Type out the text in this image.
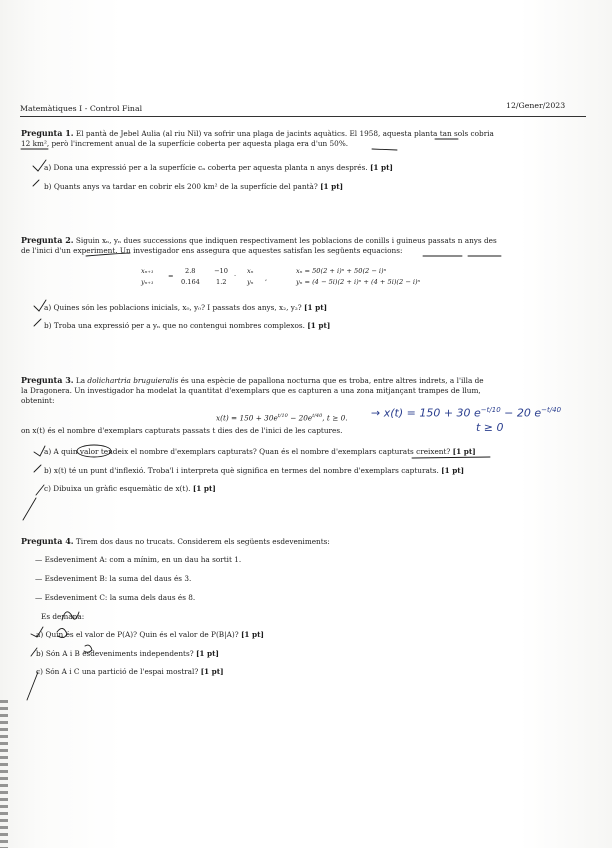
Matemàtiques I - Control Final	12/Gener/2023
Pregunta 1. El pantà de Jebel Aulia (al riu Nil) va sofrir una plaga de jacints aquàtics. El 1958, aquesta planta tan sols cobria
12 km², però l'increment anual de la superfície coberta per aquesta plaga era d'un 50%.
a) Dona una expressió per a la superfície cₙ coberta per aquesta planta n anys després. [1 pt]
b) Quants anys va tardar en cobrir els 200 km² de la superfície del pantà? [1 pt]
Pregunta 2. Siguin xₙ, yₙ dues successions que indiquen respectivament les poblacions de conills i guineus passats n anys des
de l'inici d'un experiment. Un investigador ens assegura que aquestes satisfan les següents equacions:
xₙ₊₁
yₙ₊₁
=
2.8	−10
0.164 1.2
·
xₙ
yₙ ,
xₙ = 50(2 + i)ⁿ + 50(2 − i)ⁿ
yₙ = (4 − 5i)(2 + i)ⁿ + (4 + 5i)(2 − i)ⁿ
a) Quines són les poblacions inicials, x₀, y₀? I passats dos anys, x₂, y₂? [1 pt]
b) Troba una expressió per a yₙ que no contengui nombres complexos. [1 pt]
Pregunta 3. La dolichartria bruguieralis és una espècie de papallona nocturna que es troba, entre altres indrets, a l'illa de
la Dragonera. Un investigador ha modelat la quantitat d'exemplars que es capturen a una zona mitjançant trampes de llum,
obtenint:
$x(t) = 150 + 30e^{t/10} - 20e^{t/40}$, t ≥ 0. → x(t) = 150 + 30 $e^{-t/10} - 20$ $e^{-t/40}$
t ≥ 0
on x(t) és el nombre d'exemplars capturats passats t dies des de l'inici de les captures.
a) A quin valor tendeix el nombre d'exemplars capturats? Quan és el nombre d'exemplars capturats creixent? [1 pt]
b) x(t) té un punt d'inflexió. Troba'l i interpreta què significa en termes del nombre d'exemplars capturats. [1 pt]
c) Dibuixa un gràfic esquemàtic de x(t). [1 pt]
Pregunta 4. Tirem dos daus no trucats. Considerem els següents esdeveniments:
— Esdeveniment A: com a mínim, en un dau ha sortit 1.
— Esdeveniment B: la suma del daus és 3.
— Esdeveniment C: la suma dels daus és 8.
Es demana:
a) Quin és el valor de P(A)? Quin és el valor de P(B|A)? [1 pt]
b) Són A i B esdeveniments independents? [1 pt]
c) Són A i C una partició de l'espai mostral? [1 pt]
